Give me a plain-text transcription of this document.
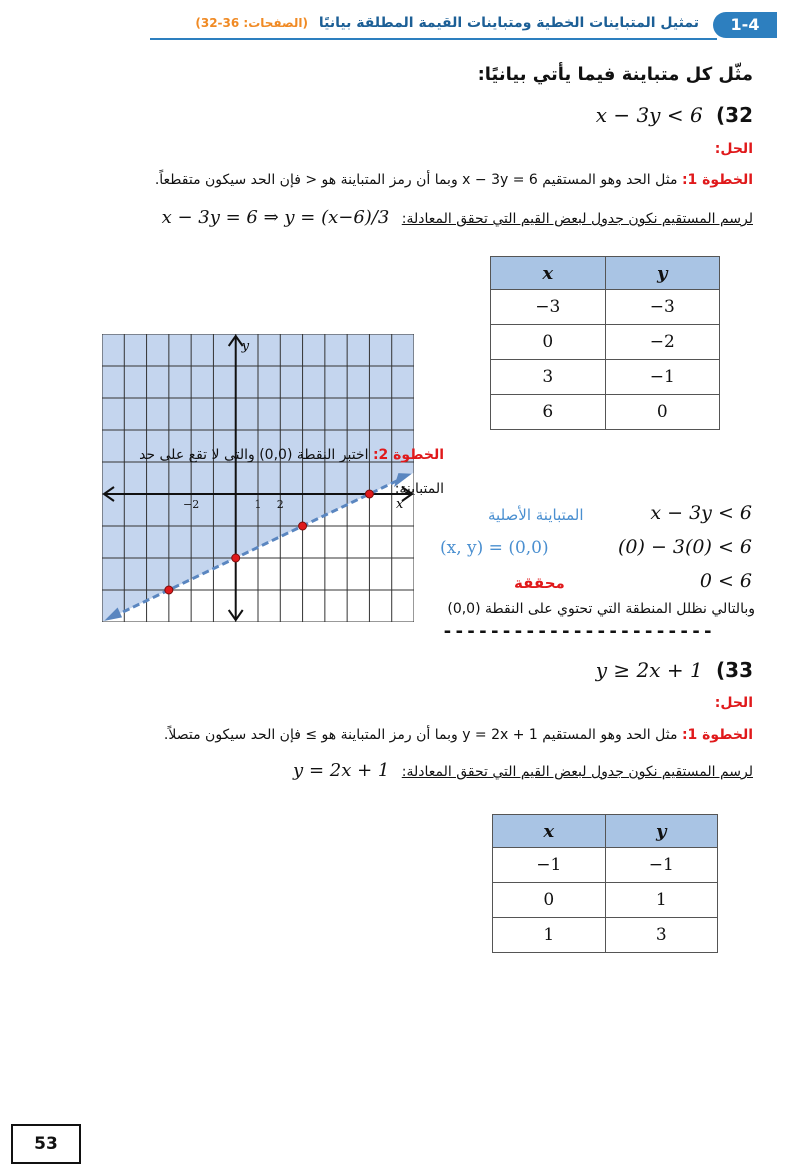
1-4
تمثيل المتباينات الخطية ومتباينات القيمة المطلقة بيانيًا (الصفحات: 36-32)
مثّل كل متباينة فيما يأتي بيانيًا:
x − 3y < 6  (32
الحل:
الخطوة 1: مثل الحد وهو المستقيم 6 = x − 3y وبما أن رمز المتباينة هو < فإن الحد سيكون متقطعاً.
لرسم المستقيم نكون جدول لبعض القيم التي تحقق المعادلة: x − 3y = 6 ⇒ y = (x−6)/3
x	y
−3	−3
0	−2
3	−1
6	0
−2	1 2	x
y
الخطوة 2: اختبر النقطة (0,0) والتي لا تقع على حد المتباينة:
المتباينة الأصلية	x − 3y < 6
(x, y) = (0,0)	(0) − 3(0) < 6
محققة	0 < 6
وبالتالي نظلل المنطقة التي تحتوي على النقطة (0,0)
-----------------------
y ≥ 2x + 1  (33
الحل:
الخطوة 1: مثل الحد وهو المستقيم y = 2x + 1 وبما أن رمز المتباينة هو ≥ فإن الحد سيكون متصلاً.
لرسم المستقيم نكون جدول لبعض القيم التي تحقق المعادلة: y = 2x + 1
x	y
−1	−1
0	1
1	3
53
